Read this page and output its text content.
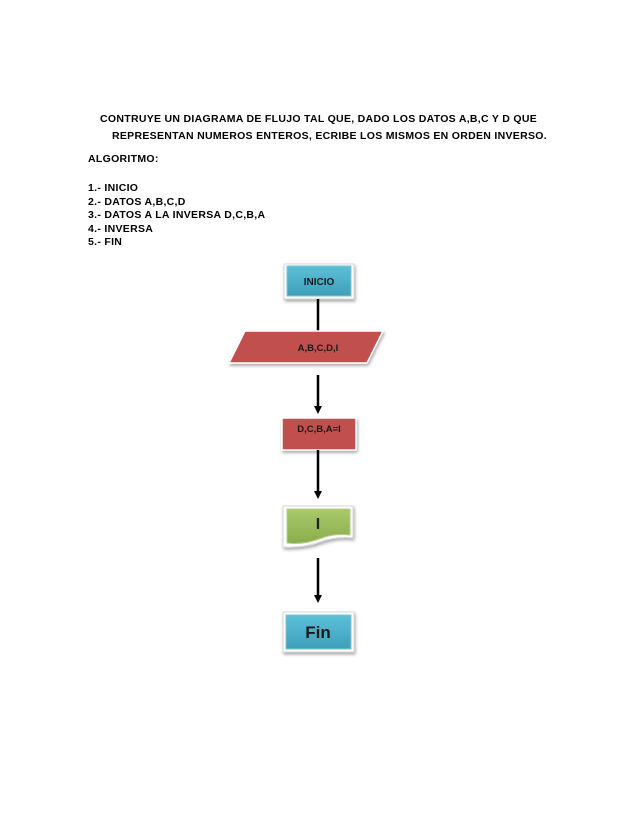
CONTRUYE UN DIAGRAMA DE FLUJO TAL QUE, DADO LOS DATOS A,B,C Y D QUE
REPRESENTAN NUMEROS ENTEROS, ECRIBE LOS MISMOS EN ORDEN INVERSO.
ALGORITMO:
1.- INICIO
2.- DATOS A,B,C,D
3.- DATOS A LA INVERSA D,C,B,A
4.- INVERSA
5.- FIN
INICIO
A,B,C,D,I
D,C,B,A=I
I
Fin
